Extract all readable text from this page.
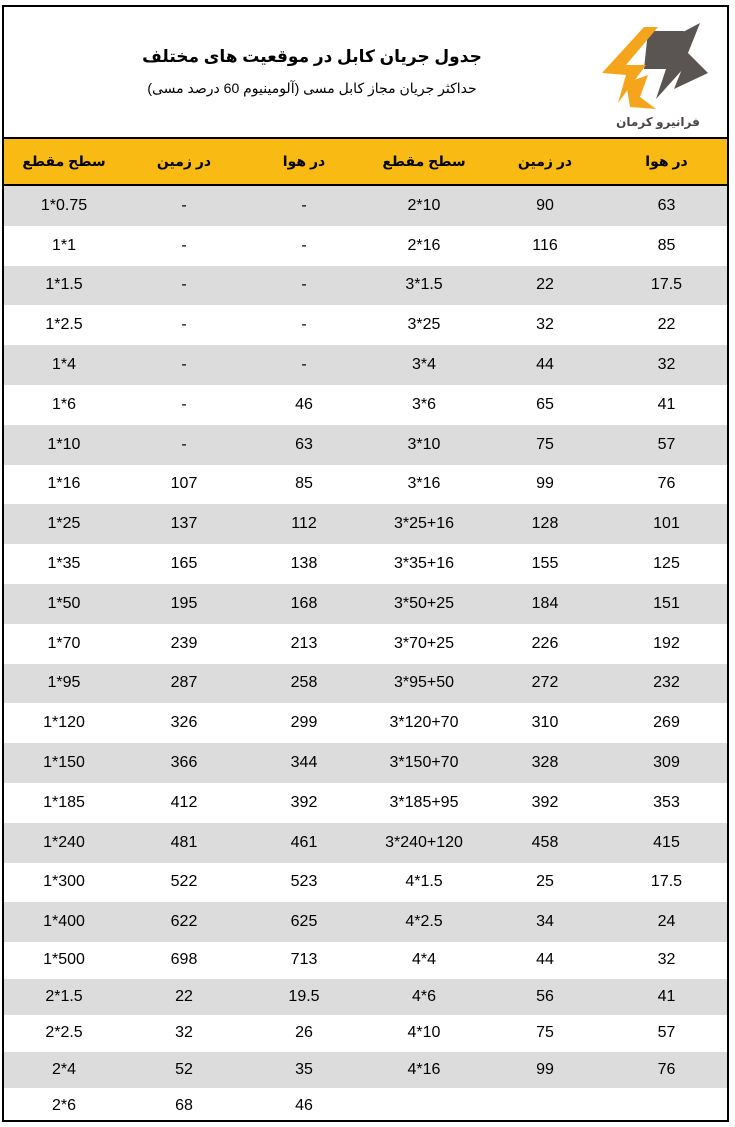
جدول جریان کابل در موقعیت های مختلف
حداکثر جریان مجاز کابل مسی (آلومینیوم 60 درصد مسی)
فرانیرو کرمان
سطح مقطع	در زمین	در هوا	سطح مقطع	در زمین	در هوا
1*0.75	-	-	2*10	90	63
1*1	-	-	2*16	116	85
1*1.5	-	-	3*1.5	22	17.5
1*2.5	-	-	3*25	32	22
1*4	-	-	3*4	44	32
1*6	-	46	3*6	65	41
1*10	-	63	3*10	75	57
1*16	107	85	3*16	99	76
1*25	137	112	3*25+16	128	101
1*35	165	138	3*35+16	155	125
1*50	195	168	3*50+25	184	151
1*70	239	213	3*70+25	226	192
1*95	287	258	3*95+50	272	232
1*120	326	299	3*120+70	310	269
1*150	366	344	3*150+70	328	309
1*185	412	392	3*185+95	392	353
1*240	481	461	3*240+120	458	415
1*300	522	523	4*1.5	25	17.5
1*400	622	625	4*2.5	34	24
1*500	698	713	4*4	44	32
2*1.5	22	19.5	4*6	56	41
2*2.5	32	26	4*10	75	57
2*4	52	35	4*16	99	76
2*6	68	46
